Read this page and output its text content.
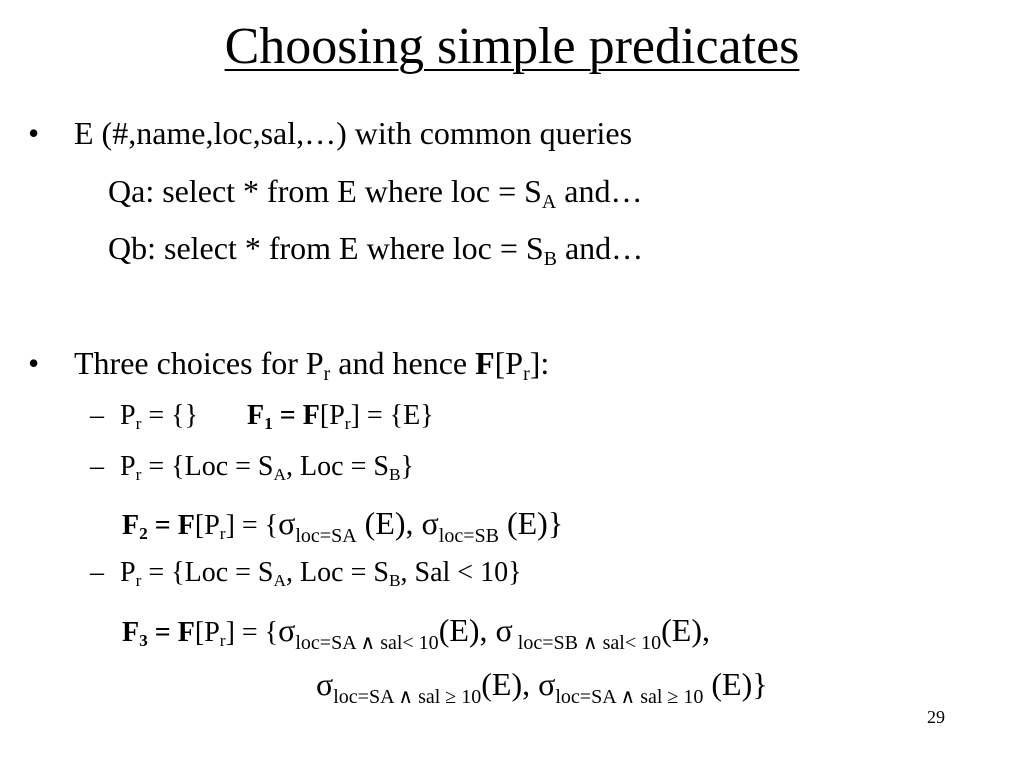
Choosing simple predicates
• E (#,name,loc,sal,…) with common queries
Qa: select * from E where loc = $S_A$ and…
Qb: select * from E where loc = $S_B$ and…
• Three choices for $P_r$ and hence $F[P_r]$:
– $P_r$ = {} $F_1 = F[P_r] = \{E\}$
– $P_r = \{Loc = S_A$, Loc = $S_B$}
$F_2 = F[P_r] = \{\sigma_{loc=SA}$ (E), $\sigma_{loc=SB}$ (E)}
– $P_r = \{Loc = S_A$, Loc = $S_B$, Sal < 10}
$F_3 = F[P_r] = \{\sigma_{loc=SA \wedge sal< 10}(E)$, σ $_{loc=SB \wedge sal< 10}$(E),
$\sigma_{loc=SA \wedge sal \ge 10}(E)$, $\sigma_{loc=SA \wedge sal \ge 10}$ (E)}
29
